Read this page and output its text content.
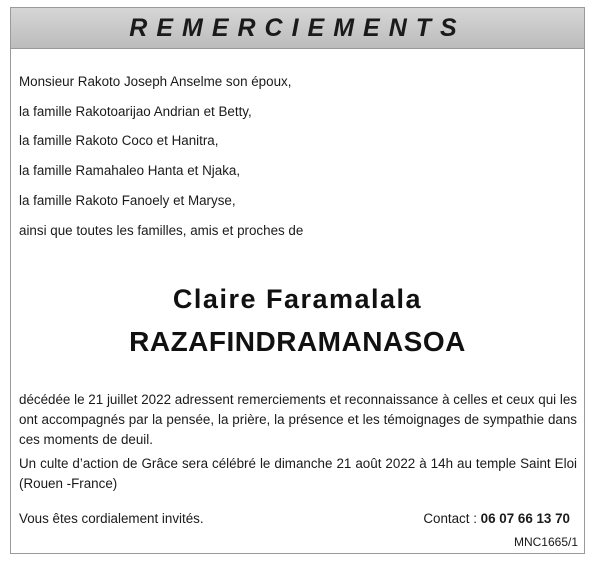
REMERCIEMENTS
Monsieur Rakoto Joseph Anselme son époux,
la famille Rakotoarijao Andrian et Betty,
la famille Rakoto Coco et Hanitra,
la famille Ramahaleo Hanta et Njaka,
la famille Rakoto Fanoely et Maryse,
ainsi que toutes les familles, amis et proches de
Claire Faramalala
RAZAFINDRAMANASOA
décédée le 21 juillet 2022 adressent remerciements et reconnaissance à celles et ceux qui les ont accompagnés par la pensée, la prière, la présence et les témoignages de sympathie dans ces moments de deuil.
Un culte d’action de Grâce sera célébré le dimanche 21 août 2022 à 14h au temple Saint Eloi (Rouen -France)
Vous êtes cordialement invités.	Contact : 06 07 66 13 70
MNC1665/1
